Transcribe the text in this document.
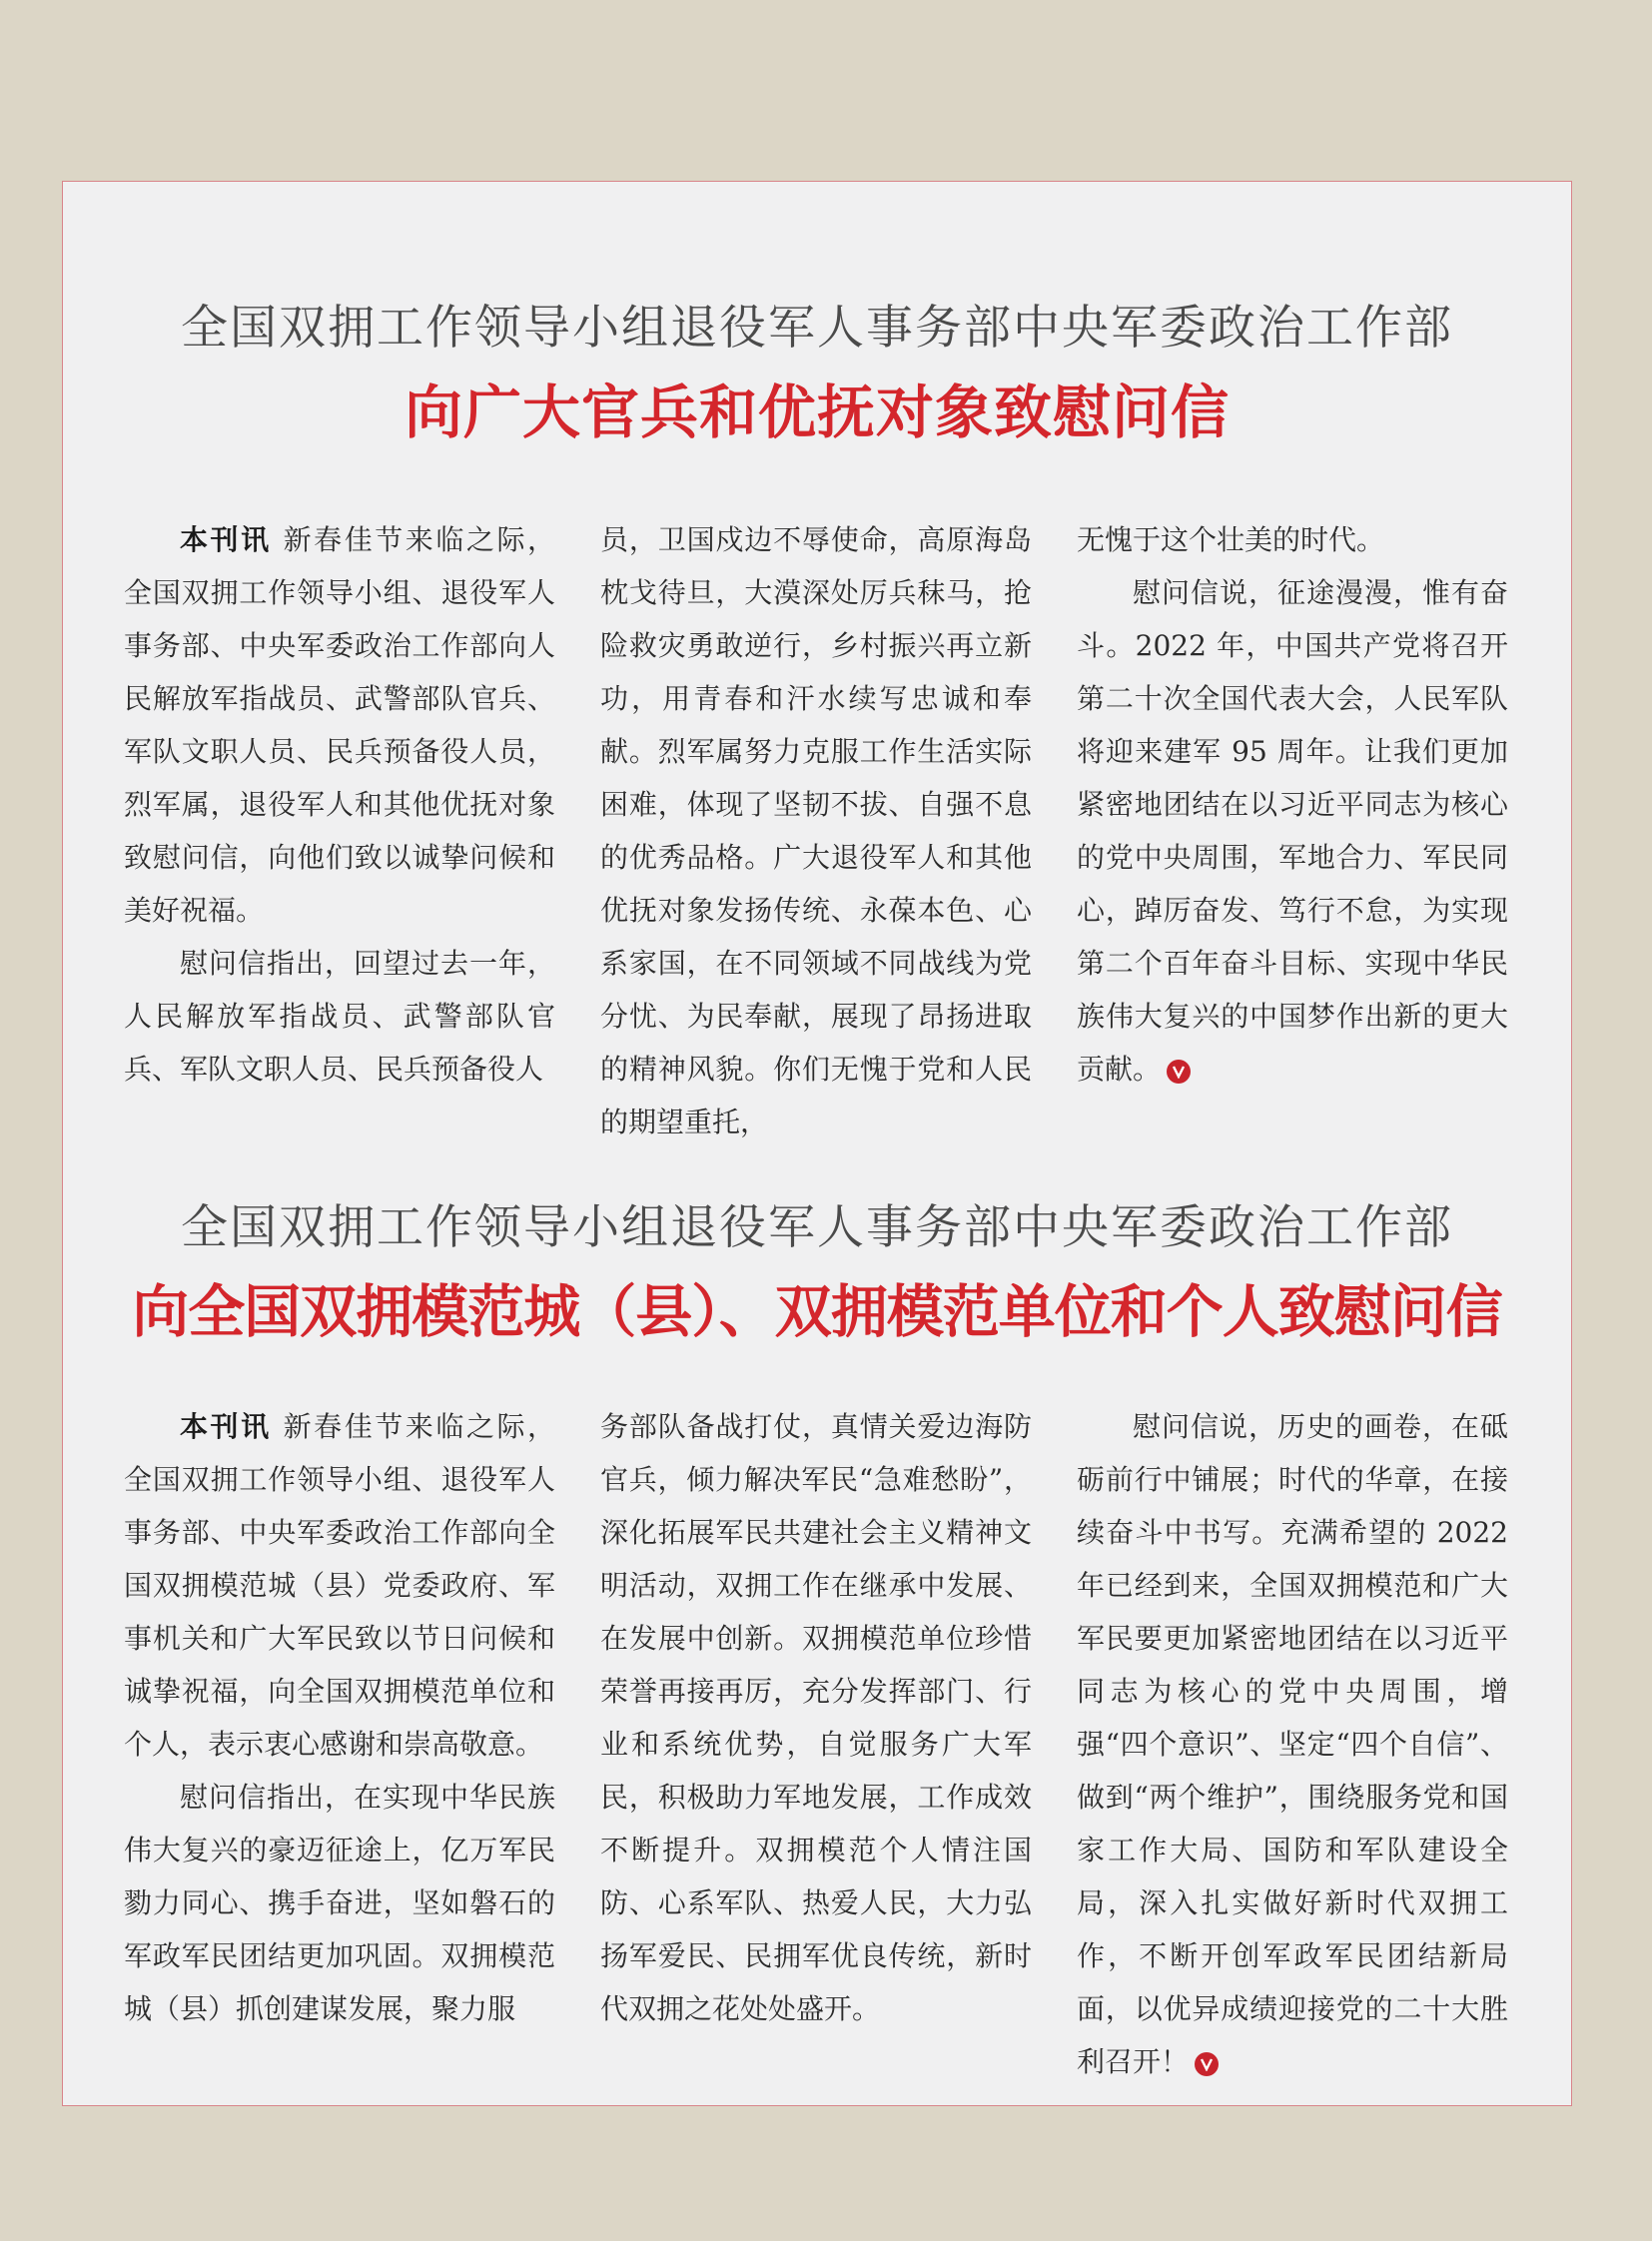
全国双拥工作领导小组退役军人事务部中央军委政治工作部
向广大官兵和优抚对象致慰问信

本刊讯 新春佳节来临之际，全国双拥工作领导小组、退役军人事务部、中央军委政治工作部向人民解放军指战员、武警部队官兵、军队文职人员、民兵预备役人员，烈军属，退役军人和其他优抚对象致慰问信，向他们致以诚挚问候和美好祝福。

慰问信指出，回望过去一年，人民解放军指战员、武警部队官兵、军队文职人员、民兵预备役人

员，卫国戍边不辱使命，高原海岛枕戈待旦，大漠深处厉兵秣马，抢险救灾勇敢逆行，乡村振兴再立新功，用青春和汗水续写忠诚和奉献。烈军属努力克服工作生活实际困难，体现了坚韧不拔、自强不息的优秀品格。广大退役军人和其他优抚对象发扬传统、永葆本色、心系家国，在不同领域不同战线为党分忧、为民奉献，展现了昂扬进取的精神风貌。你们无愧于党和人民的期望重托，

无愧于这个壮美的时代。

慰问信说，征途漫漫，惟有奋斗。2022 年，中国共产党将召开第二十次全国代表大会，人民军队将迎来建军 95 周年。让我们更加紧密地团结在以习近平同志为核心的党中央周围，军地合力、军民同心，踔厉奋发、笃行不怠，为实现第二个百年奋斗目标、实现中华民族伟大复兴的中国梦作出新的更大贡献。

全国双拥工作领导小组退役军人事务部中央军委政治工作部
向全国双拥模范城（县）、双拥模范单位和个人致慰问信

本刊讯 新春佳节来临之际，全国双拥工作领导小组、退役军人事务部、中央军委政治工作部向全国双拥模范城（县）党委政府、军事机关和广大军民致以节日问候和诚挚祝福，向全国双拥模范单位和个人，表示衷心感谢和崇高敬意。

慰问信指出，在实现中华民族伟大复兴的豪迈征途上，亿万军民勠力同心、携手奋进，坚如磐石的军政军民团结更加巩固。双拥模范城（县）抓创建谋发展，聚力服

务部队备战打仗，真情关爱边海防官兵，倾力解决军民“急难愁盼”，深化拓展军民共建社会主义精神文明活动，双拥工作在继承中发展、在发展中创新。双拥模范单位珍惜荣誉再接再厉，充分发挥部门、行业和系统优势，自觉服务广大军民，积极助力军地发展，工作成效不断提升。双拥模范个人情注国防、心系军队、热爱人民，大力弘扬军爱民、民拥军优良传统，新时代双拥之花处处盛开。

慰问信说，历史的画卷，在砥砺前行中铺展；时代的华章，在接续奋斗中书写。充满希望的 2022 年已经到来，全国双拥模范和广大军民要更加紧密地团结在以习近平同志为核心的党中央周围，增强“四个意识”、坚定“四个自信”、做到“两个维护”，围绕服务党和国家工作大局、国防和军队建设全局，深入扎实做好新时代双拥工作，不断开创军政军民团结新局面，以优异成绩迎接党的二十大胜利召开！
